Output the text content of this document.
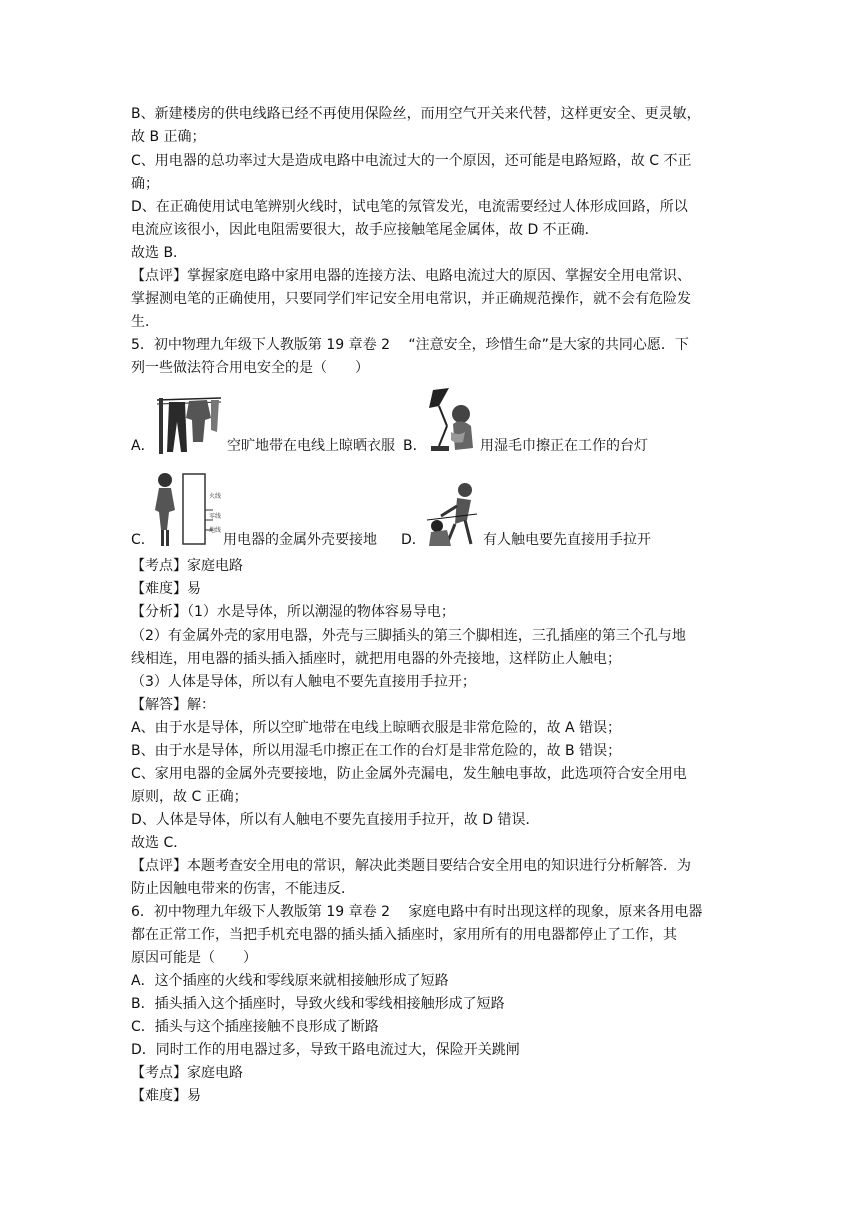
B、新建楼房的供电线路已经不再使用保险丝，而用空气开关来代替，这样更安全、更灵敏，
故 B 正确；
C、用电器的总功率过大是造成电路中电流过大的一个原因，还可能是电路短路，故 C 不正
确；
D、在正确使用试电笔辨别火线时，试电笔的氖管发光，电流需要经过人体形成回路，所以
电流应该很小，因此电阻需要很大，故手应接触笔尾金属体，故 D 不正确．
故选 B．
【点评】掌握家庭电路中家用电器的连接方法、电路电流过大的原因、掌握安全用电常识、
掌握测电笔的正确使用，只要同学们牢记安全用电常识，并正确规范操作，就不会有危险发
生．
5．初中物理九年级下人教版第 19 章卷 2　 “注意安全，珍惜生命”是大家的共同心愿．下
列一些做法符合用电安全的是（　　）
A．	空旷地带在电线上晾晒衣服 B．	用湿毛巾擦正在工作的台灯
C．
火线
零线
地线
用电器的金属外壳要接地 D．	有人触电要先直接用手拉开
【考点】家庭电路
【难度】易
【分析】（1）水是导体，所以潮湿的物体容易导电；
（2）有金属外壳的家用电器，外壳与三脚插头的第三个脚相连，三孔插座的第三个孔与地
线相连，用电器的插头插入插座时，就把用电器的外壳接地，这样防止人触电；
（3）人体是导体，所以有人触电不要先直接用手拉开；
【解答】解：
A、由于水是导体，所以空旷地带在电线上晾晒衣服是非常危险的，故 A 错误；
B、由于水是导体，所以用湿毛巾擦正在工作的台灯是非常危险的，故 B 错误；
C、家用电器的金属外壳要接地，防止金属外壳漏电，发生触电事故，此选项符合安全用电
原则，故 C 正确；
D、人体是导体，所以有人触电不要先直接用手拉开，故 D 错误．
故选 C．
【点评】本题考查安全用电的常识，解决此类题目要结合安全用电的知识进行分析解答．为
防止因触电带来的伤害，不能违反．
6．初中物理九年级下人教版第 19 章卷 2　 家庭电路中有时出现这样的现象，原来各用电器
都在正常工作，当把手机充电器的插头插入插座时，家用所有的用电器都停止了工作，其
原因可能是（　　）
A．这个插座的火线和零线原来就相接触形成了短路
B．插头插入这个插座时，导致火线和零线相接触形成了短路
C．插头与这个插座接触不良形成了断路
D．同时工作的用电器过多，导致干路电流过大，保险开关跳闸
【考点】家庭电路
【难度】易
